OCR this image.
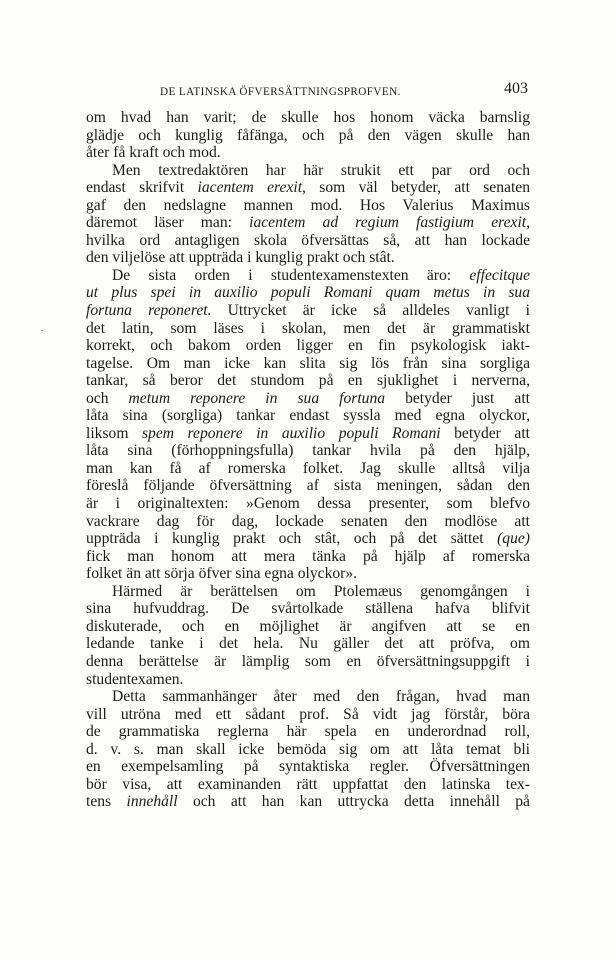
DE LATINSKA ÖFVERSÄTTNINGSPROFVEN.	403
·
om hvad han varit; de skulle hos honom väcka barnslig
glädje och kunglig fåfänga, och på den vägen skulle han
åter få kraft och mod.
Men textredaktören har här strukit ett par ord och
endast skrifvit iacentem erexit, som väl betyder, att senaten
gaf den nedslagne mannen mod. Hos Valerius Maximus
däremot läser man: iacentem ad regium fastigium erexit,
hvilka ord antagligen skola öfversättas så, att han lockade
den viljelöse att uppträda i kunglig prakt och stât.
De sista orden i studentexamenstexten äro: effecitque
ut plus spei in auxilio populi Romani quam metus in sua
fortuna reponeret. Uttrycket är icke så alldeles vanligt i
det latin, som läses i skolan, men det är grammatiskt
korrekt, och bakom orden ligger en fin psykologisk iakt-
tagelse. Om man icke kan slita sig lös från sina sorgliga
tankar, så beror det stundom på en sjuklighet i nerverna,
och metum reponere in sua fortuna betyder just att
låta sina (sorgliga) tankar endast syssla med egna olyckor,
liksom spem reponere in auxilio populi Romani betyder att
låta sina (förhoppningsfulla) tankar hvila på den hjälp,
man kan få af romerska folket. Jag skulle alltså vilja
föreslå följande öfversättning af sista meningen, sådan den
är i originaltexten: »Genom dessa presenter, som blefvo
vackrare dag för dag, lockade senaten den modlöse att
uppträda i kunglig prakt och stât, och på det sättet (que)
fick man honom att mera tänka på hjälp af romerska
folket än att sörja öfver sina egna olyckor».
Härmed är berättelsen om Ptolemæus genomgången i
sina hufvuddrag. De svårtolkade ställena hafva blifvit
diskuterade, och en möjlighet är angifven att se en
ledande tanke i det hela. Nu gäller det att pröfva, om
denna berättelse är lämplig som en öfversättningsuppgift i
studentexamen.
Detta sammanhänger åter med den frågan, hvad man
vill utröna med ett sådant prof. Så vidt jag förstår, böra
de grammatiska reglerna här spela en underordnad roll,
d. v. s. man skall icke bemöda sig om att låta temat bli
en exempelsamling på syntaktiska regler. Öfversättningen
bör visa, att examinanden rätt uppfattat den latinska tex-
tens innehåll och att han kan uttrycka detta innehåll på
